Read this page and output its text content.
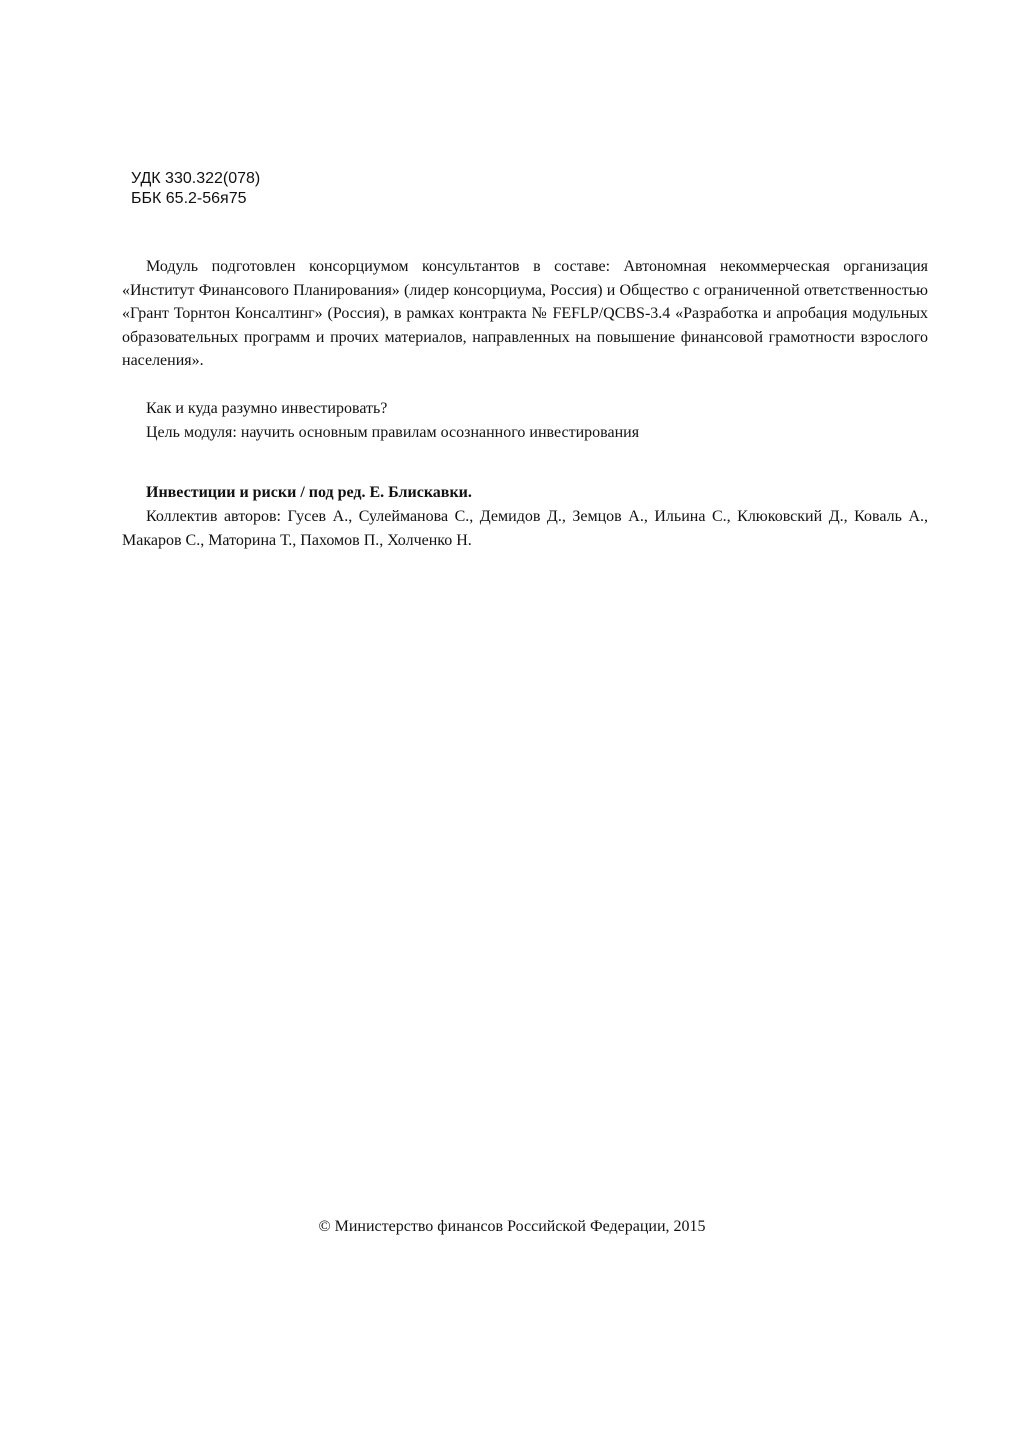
УДК 330.322(078)
ББК 65.2-56я75

Модуль подготовлен консорциумом консультантов в составе: Автономная некоммерческая организация «Институт Финансового Планирования» (лидер консорциума, Россия) и Общество с ограниченной ответственностью «Грант Торнтон Консалтинг» (Россия), в рамках контракта № FEFLP/QCBS-3.4 «Разработка и апробация модульных образовательных программ и прочих материалов, направленных на повышение финансовой грамотности взрослого населения».

Как и куда разумно инвестировать?

Цель модуля: научить основным правилам осознанного инвестирования

Инвестиции и риски / под ред. Е. Блискавки.

Коллектив авторов: Гусев А., Сулейманова С., Демидов Д., Земцов А., Ильина С., Клюковский Д., Коваль А., Макаров С., Маторина Т., Пахомов П., Холченко Н.

© Министерство финансов Российской Федерации, 2015
